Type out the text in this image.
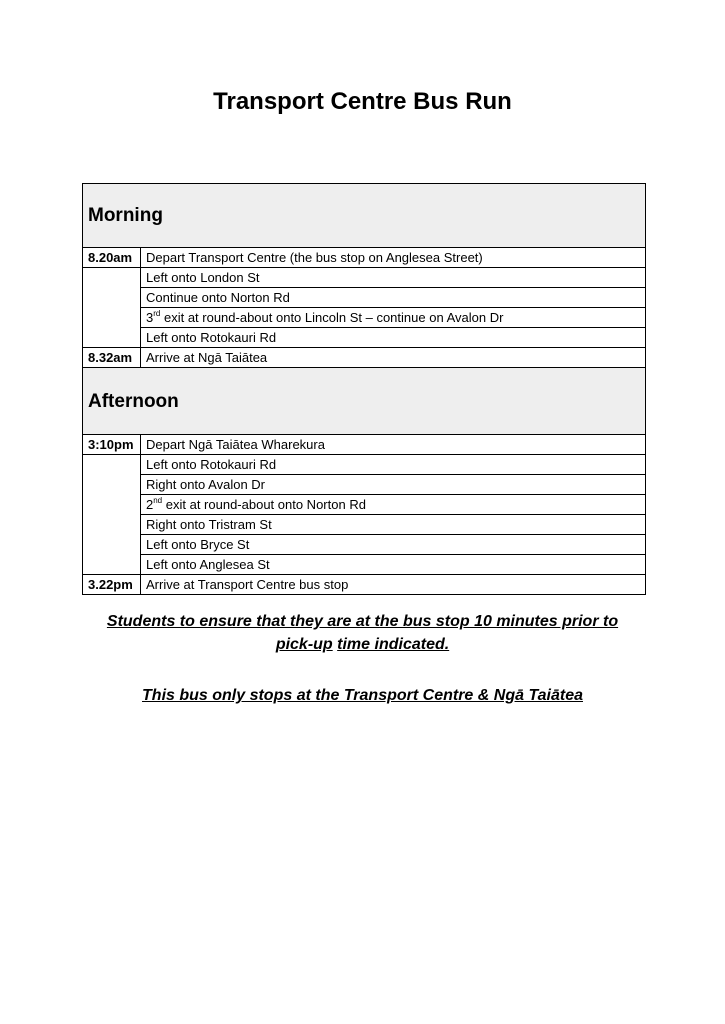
Transport Centre Bus Run
Morning	
8.20am	Depart Transport Centre (the bus stop on Anglesea Street)
	Left onto London St
	Continue onto Norton Rd
	3rd exit at round-about onto Lincoln St – continue on Avalon Dr
	Left onto Rotokauri Rd
8.32am	Arrive at Ngā Taiātea
Afternoon	
3:10pm	Depart Ngā Taiātea Wharekura
	Left onto Rotokauri Rd
	Right onto Avalon Dr
	2nd exit at round-about onto Norton Rd
	Right onto Tristram St
	Left onto Bryce St
	Left onto Anglesea St
3.22pm	Arrive at Transport Centre bus stop
Students to ensure that they are at the bus stop 10 minutes prior to
pick-up time indicated.
This bus only stops at the Transport Centre & Ngā Taiātea
